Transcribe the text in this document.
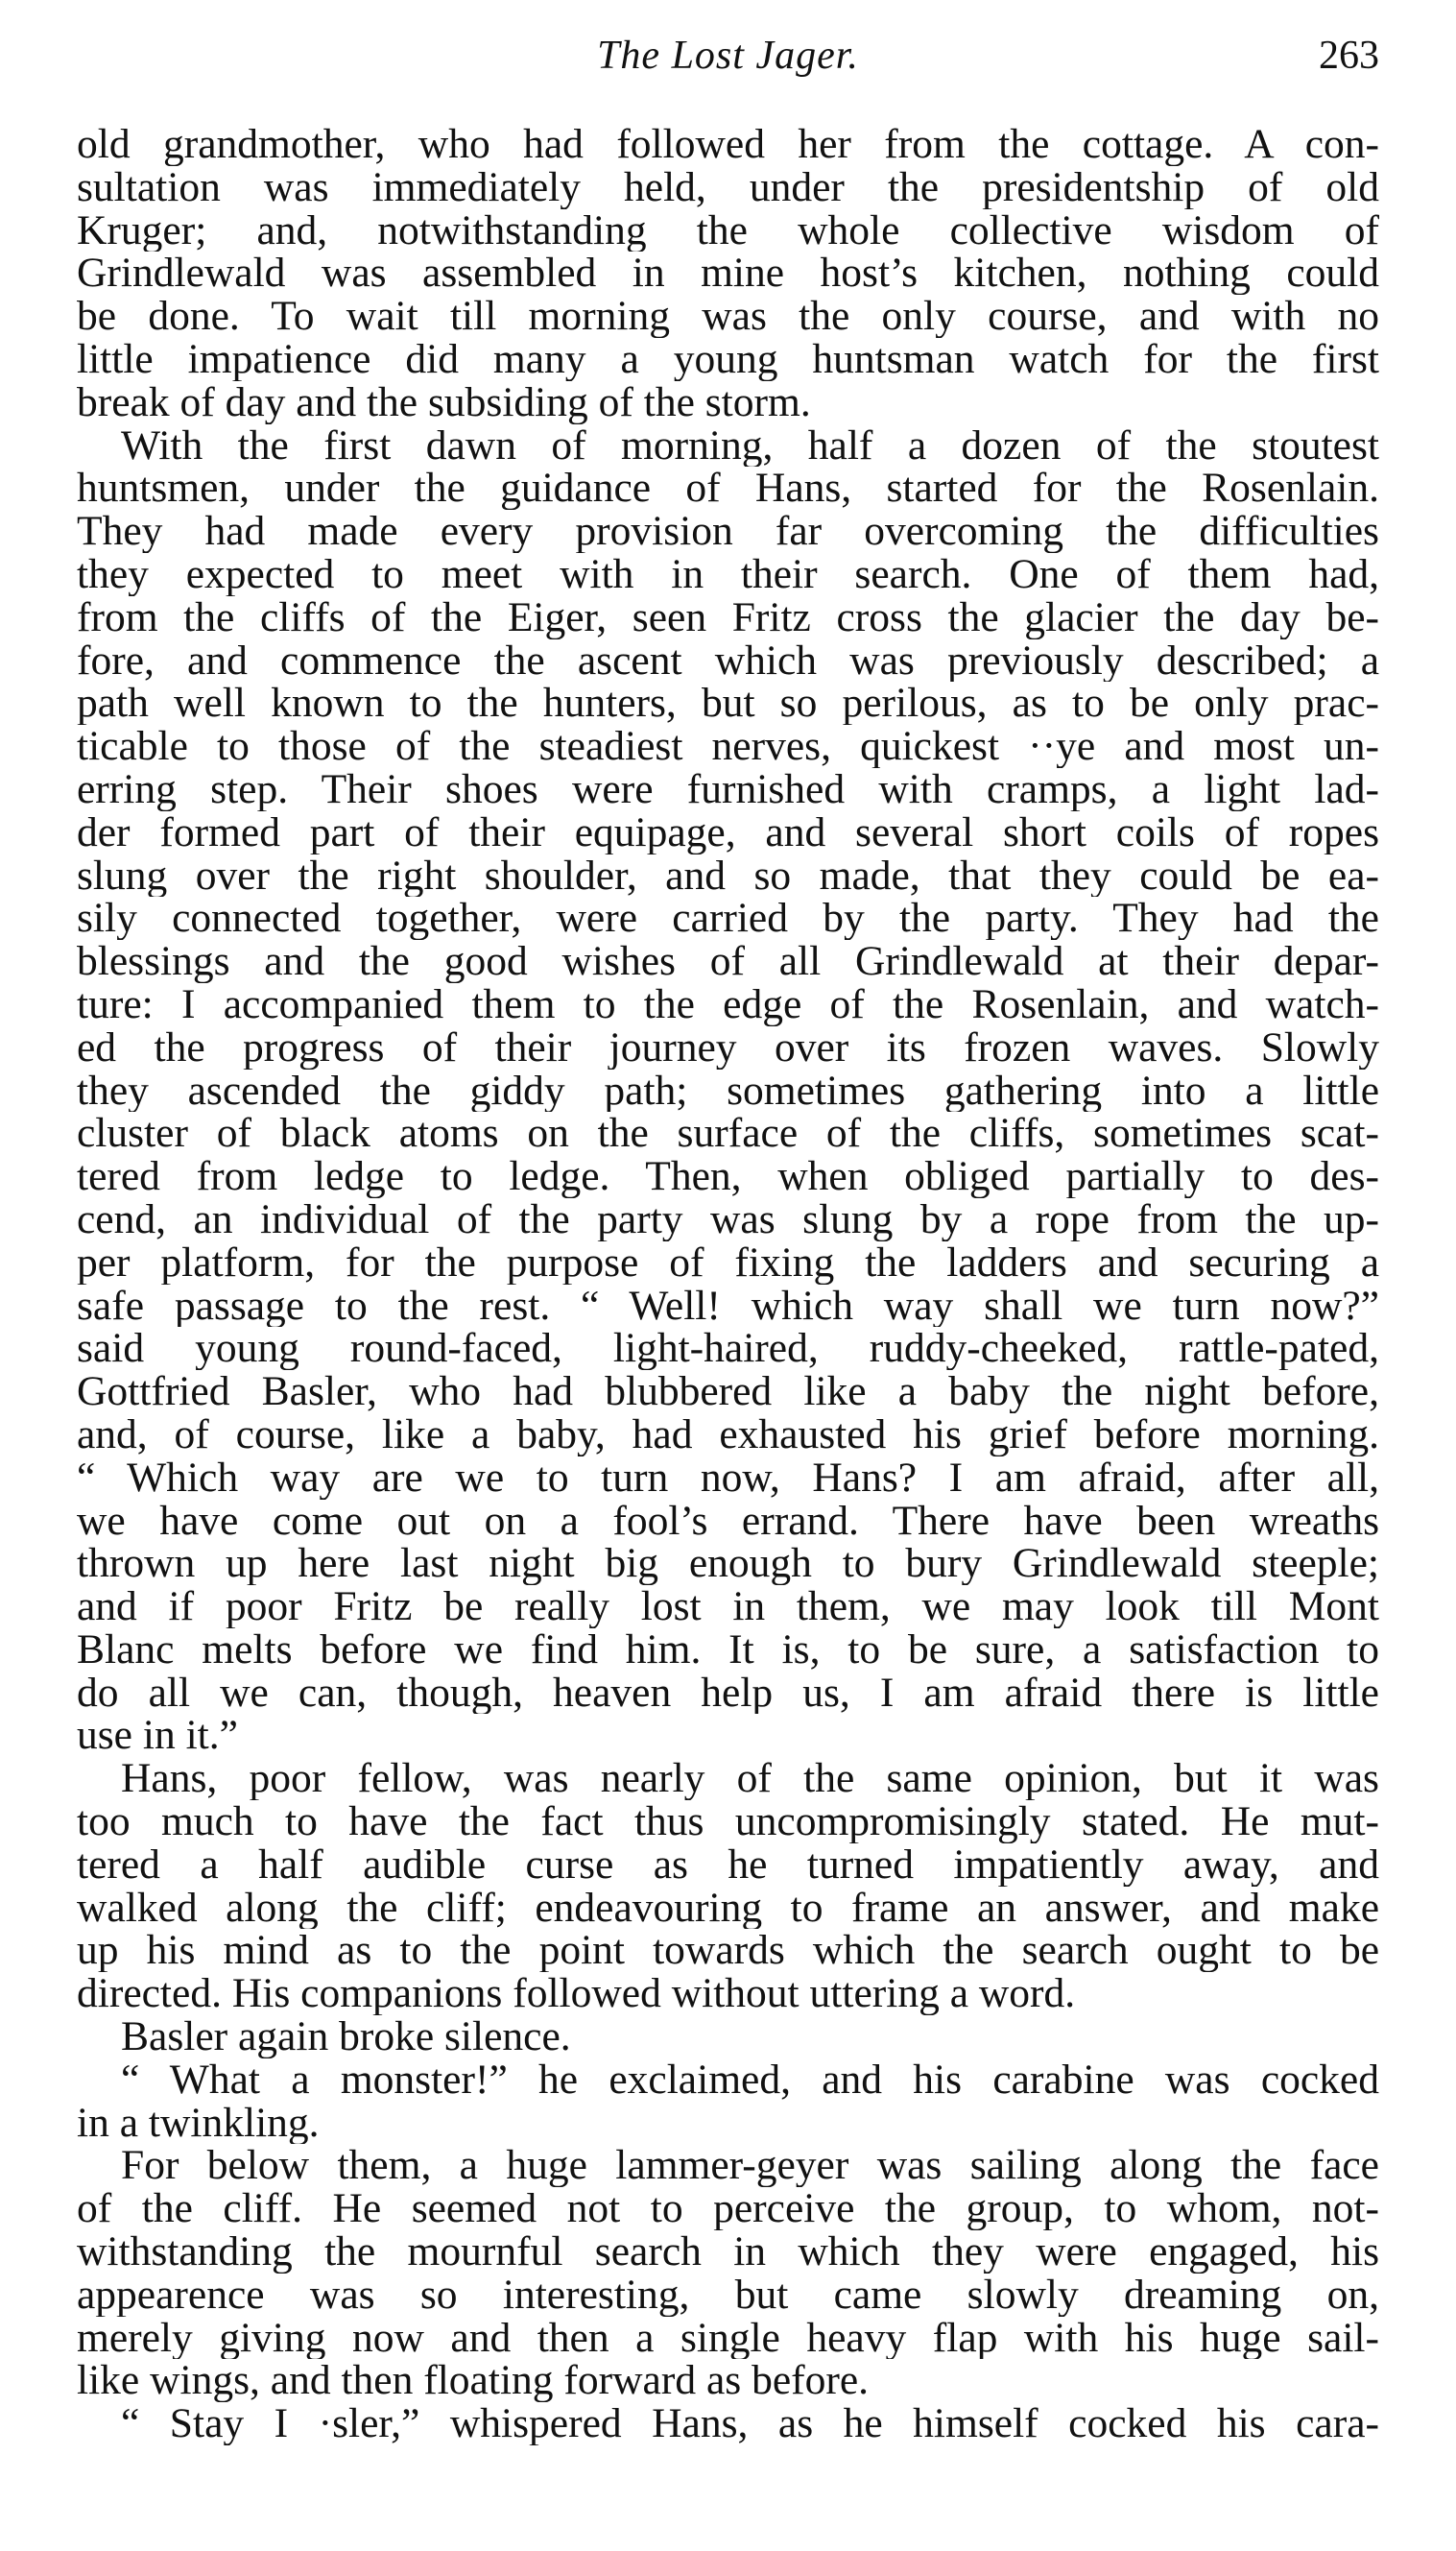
The Lost Jager.	263
old grandmother, who had followed her from the cottage. A con-
sultation was immediately held, under the presidentship of old
Kruger; and, notwithstanding the whole collective wisdom of
Grindlewald was assembled in mine host’s kitchen, nothing could
be done. To wait till morning was the only course, and with no
little impatience did many a young huntsman watch for the first
break of day and the subsiding of the storm.
With the first dawn of morning, half a dozen of the stoutest
huntsmen, under the guidance of Hans, started for the Rosenlain.
They had made every provision far overcoming the difficulties
they expected to meet with in their search. One of them had,
from the cliffs of the Eiger, seen Fritz cross the glacier the day be-
fore, and commence the ascent which was previously described; a
path well known to the hunters, but so perilous, as to be only prac-
ticable to those of the steadiest nerves, quickest ··ye and most un-
erring step. Their shoes were furnished with cramps, a light lad-
der formed part of their equipage, and several short coils of ropes
slung over the right shoulder, and so made, that they could be ea-
sily connected together, were carried by the party. They had the
blessings and the good wishes of all Grindlewald at their depar-
ture: I accompanied them to the edge of the Rosenlain, and watch-
ed the progress of their journey over its frozen waves. Slowly
they ascended the giddy path; sometimes gathering into a little
cluster of black atoms on the surface of the cliffs, sometimes scat-
tered from ledge to ledge. Then, when obliged partially to des-
cend, an individual of the party was slung by a rope from the up-
per platform, for the purpose of fixing the ladders and securing a
safe passage to the rest. “ Well! which way shall we turn now?”
said young round-faced, light-haired, ruddy-cheeked, rattle-pated,
Gottfried Basler, who had blubbered like a baby the night before,
and, of course, like a baby, had exhausted his grief before morning.
“ Which way are we to turn now, Hans? I am afraid, after all,
we have come out on a fool’s errand. There have been wreaths
thrown up here last night big enough to bury Grindlewald steeple;
and if poor Fritz be really lost in them, we may look till Mont
Blanc melts before we find him. It is, to be sure, a satisfaction to
do all we can, though, heaven help us, I am afraid there is little
use in it.”
Hans, poor fellow, was nearly of the same opinion, but it was
too much to have the fact thus uncompromisingly stated. He mut-
tered a half audible curse as he turned impatiently away, and
walked along the cliff; endeavouring to frame an answer, and make
up his mind as to the point towards which the search ought to be
directed. His companions followed without uttering a word.
Basler again broke silence.
“ What a monster!” he exclaimed, and his carabine was cocked
in a twinkling.
For below them, a huge lammer-geyer was sailing along the face
of the cliff. He seemed not to perceive the group, to whom, not-
withstanding the mournful search in which they were engaged, his
appearence was so interesting, but came slowly dreaming on,
merely giving now and then a single heavy flap with his huge sail-
like wings, and then floating forward as before.
“ Stay I ·sler,” whispered Hans, as he himself cocked his cara-
